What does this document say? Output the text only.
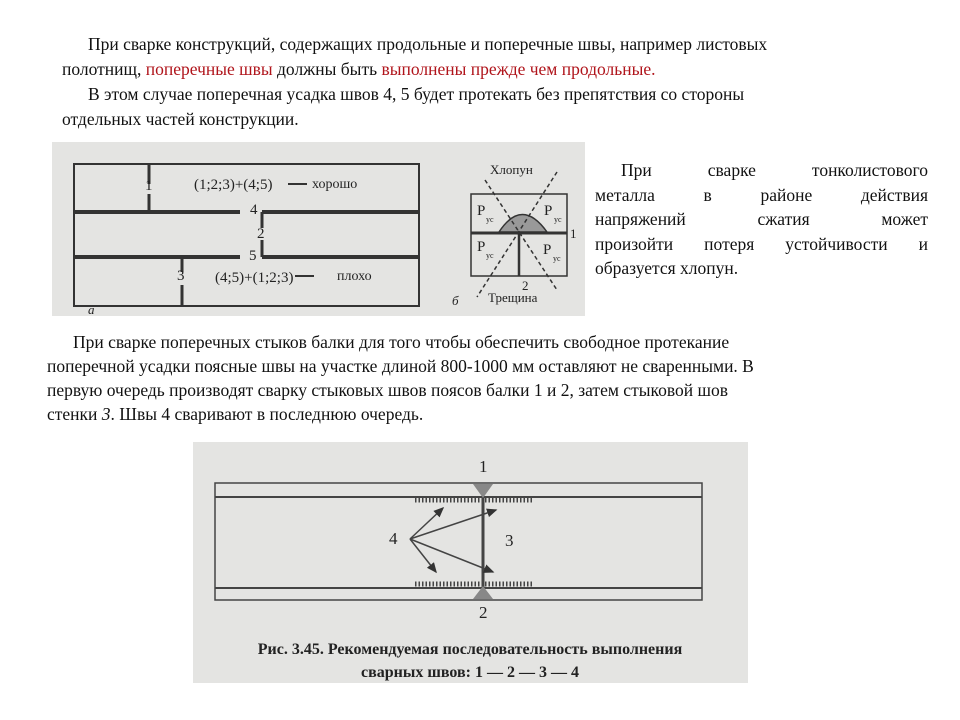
При сварке конструкций, содержащих продольные и поперечные швы, например листовых
полотнищ, поперечные швы должны быть выполнены прежде чем продольные.
В этом случае поперечная усадка швов 4, 5 будет протекать без препятствия со стороны
отдельных частей конструкции.
1
4
2
5
3
(1;2;3)+(4;5)	хорошо
(4;5)+(1;2;3)	плохо
а
Хлопун
P	P
P	P
ус	ус
ус	ус
1
2
Трещина
б
При сварке тонколистового
металла в районе действия
напряжений сжатия может
произойти потеря устойчивости и
образуется хлопун.
При сварке поперечных стыков балки для того чтобы обеспечить свободное протекание
поперечной усадки поясные швы на участке длиной 800-1000 мм оставляют не сваренными. В
первую очередь производят сварку стыковых швов поясов балки 1 и 2, затем стыковой шов
стенки 3. Швы 4 сваривают в последнюю очередь.
1
2
3
4
Рис. 3.45. Рекомендуемая последовательность выполнения
сварных швов: 1 — 2 — 3 — 4
